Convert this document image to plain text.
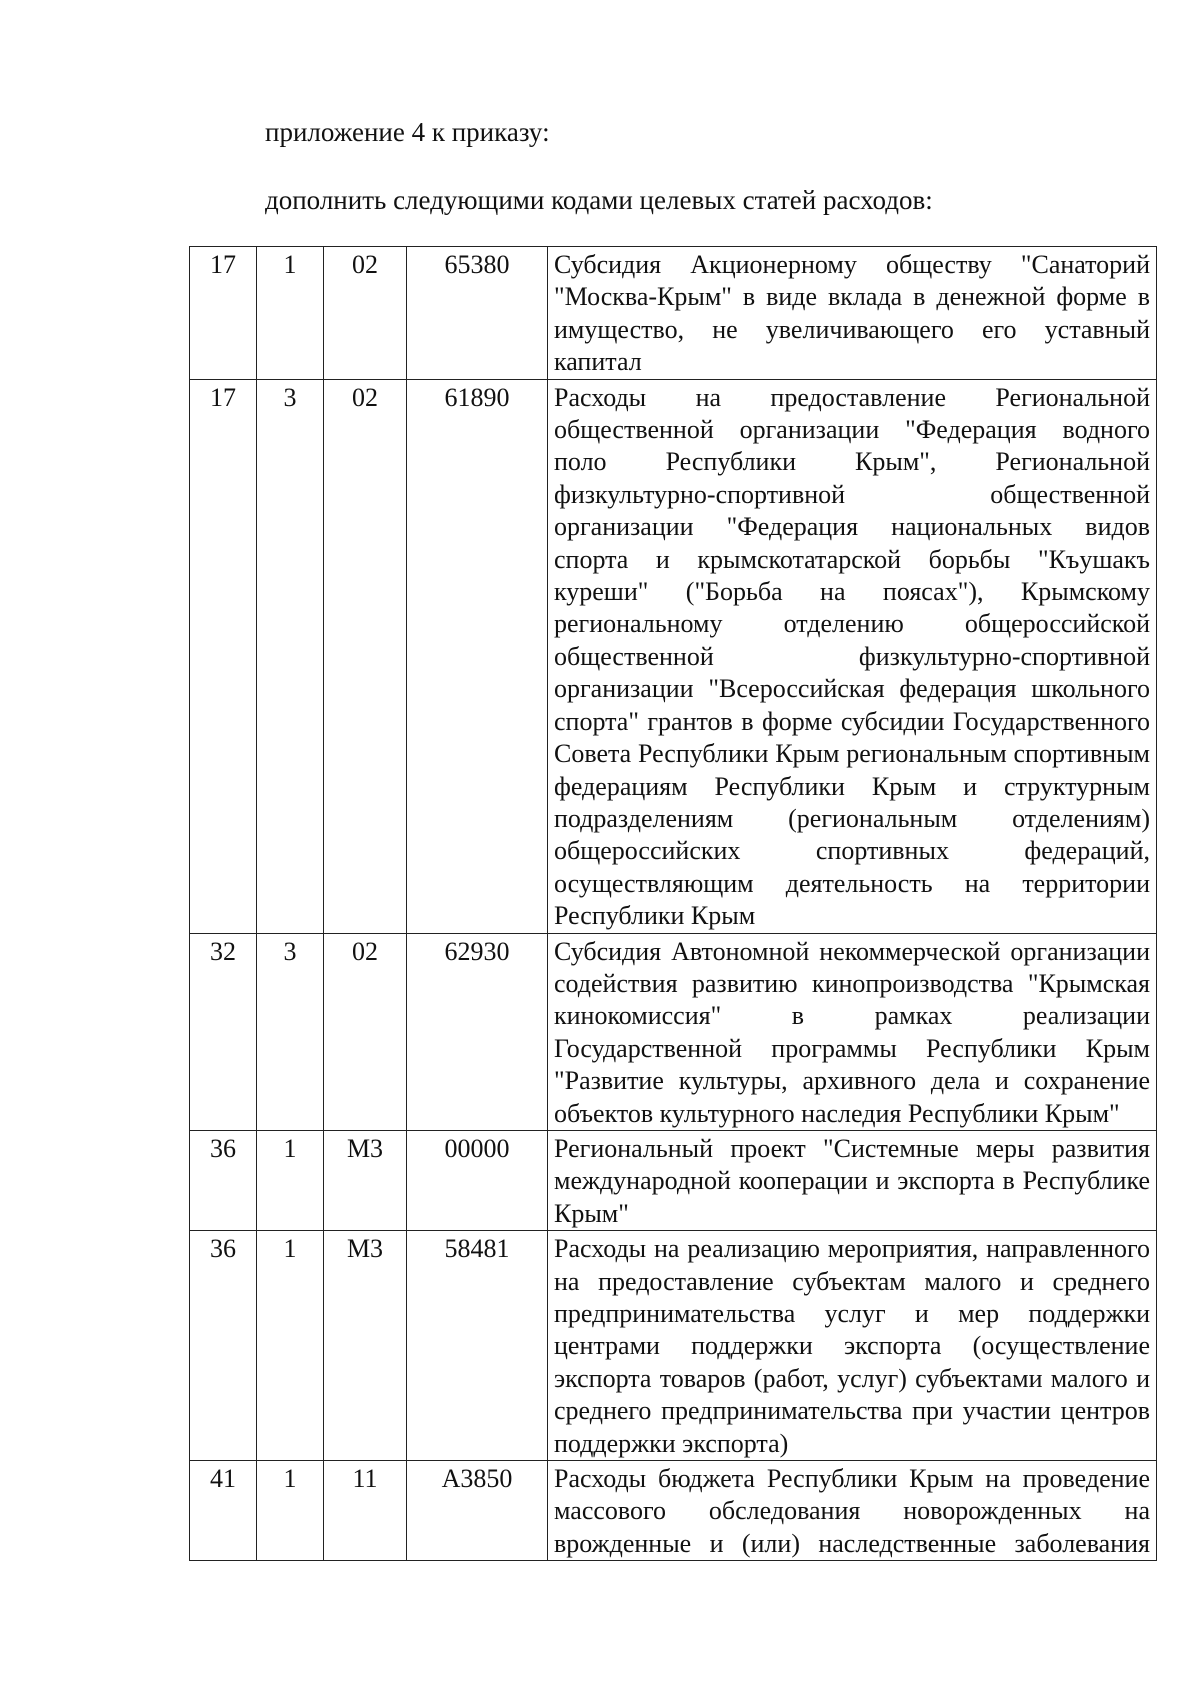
приложение 4 к приказу:
дополнить следующими кодами целевых статей расходов:
17	1	02	65380	Субсидия Акционерному обществу "Санаторий "Москва-Крым" в виде вклада в денежной форме в имущество, не увеличивающего его уставный капитал
17	3	02	61890	Расходы на предоставление Региональной общественной организации "Федерация водного поло Республики Крым", Региональной физкультурно-спортивной общественной организации "Федерация национальных видов спорта и крымскотатарской борьбы "Къушакъ куреши" ("Борьба на поясах"), Крымскому региональному отделению общероссийской общественной физкультурно-спортивной организации "Всероссийская федерация школьного спорта" грантов в форме субсидии Государственного Совета Республики Крым региональным спортивным федерациям Республики Крым и структурным подразделениям (региональным отделениям) общероссийских спортивных федераций, осуществляющим деятельность на территории Республики Крым
32	3	02	62930	Субсидия Автономной некоммерческой организации содействия развитию кинопроизводства "Крымская кинокомиссия" в рамках реализации Государственной программы Республики Крым "Развитие культуры, архивного дела и сохранение объектов культурного наследия Республики Крым"
36	1	М3	00000	Региональный проект "Системные меры развития международной кооперации и экспорта в Республике Крым"
36	1	М3	58481	Расходы на реализацию мероприятия, направленного на предоставление субъектам малого и среднего предпринимательства услуг и мер поддержки центрами поддержки экспорта (осуществление экспорта товаров (работ, услуг) субъектами малого и среднего предпринимательства при участии центров поддержки экспорта)
41	1	11	А3850	Расходы бюджета Республики Крым на проведение массового обследования новорожденных на врожденные и (или) наследственные заболевания
